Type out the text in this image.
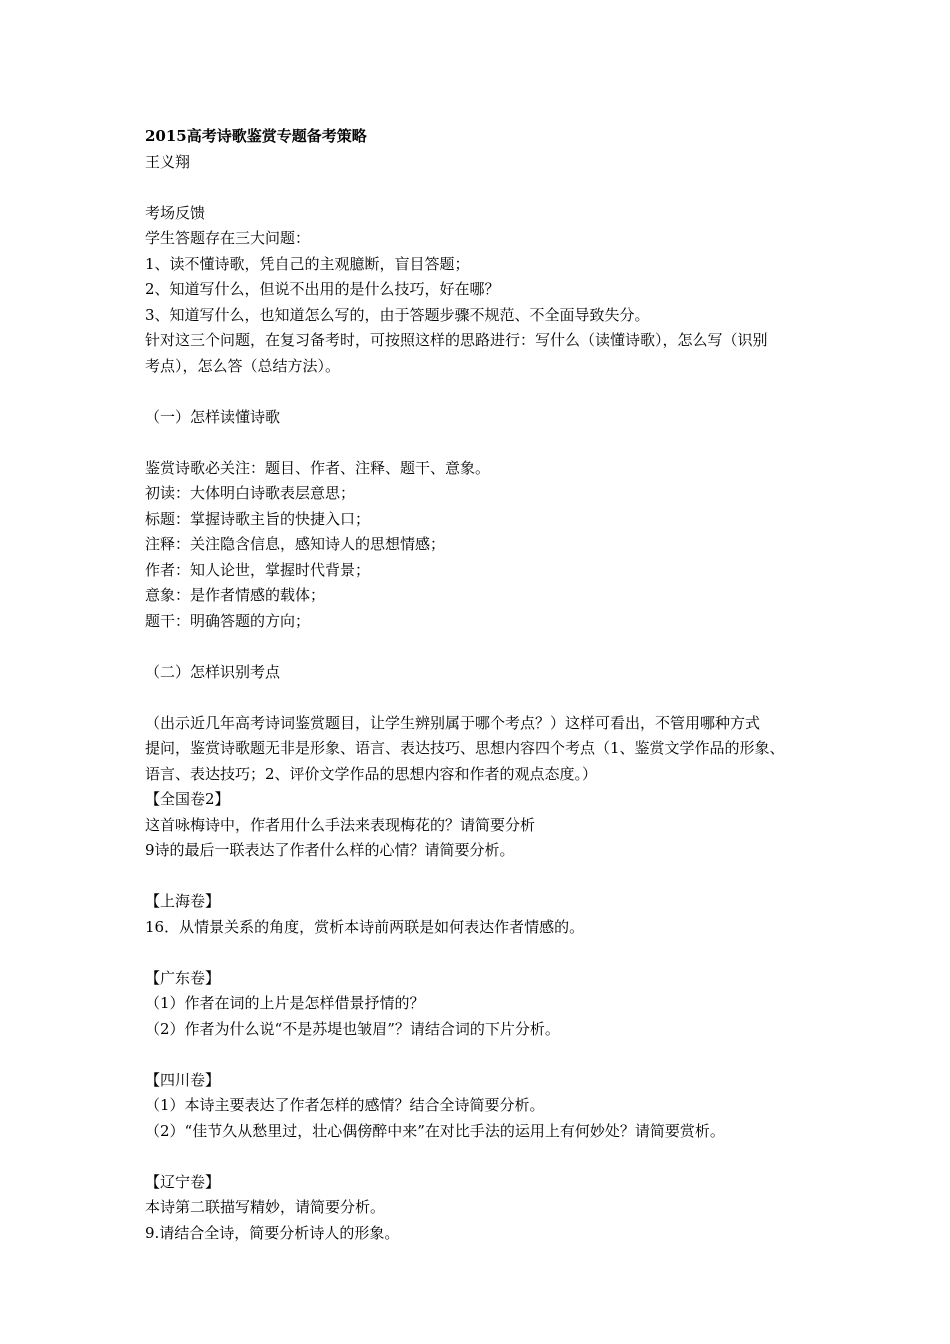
2015高考诗歌鉴赏专题备考策略
王义翔
考场反馈
学生答题存在三大问题：
1、读不懂诗歌，凭自己的主观臆断，盲目答题；
2、知道写什么，但说不出用的是什么技巧，好在哪？
3、知道写什么，也知道怎么写的，由于答题步骤不规范、不全面导致失分。
针对这三个问题，在复习备考时，可按照这样的思路进行：写什么（读懂诗歌），怎么写（识别
考点），怎么答（总结方法）。
（一）怎样读懂诗歌
鉴赏诗歌必关注：题目、作者、注释、题干、意象。
初读：大体明白诗歌表层意思；
标题：掌握诗歌主旨的快捷入口；
注释：关注隐含信息，感知诗人的思想情感；
作者：知人论世，掌握时代背景；
意象：是作者情感的载体；
题干：明确答题的方向；
（二）怎样识别考点
（出示近几年高考诗词鉴赏题目，让学生辨别属于哪个考点？）这样可看出，不管用哪种方式
提问，鉴赏诗歌题无非是形象、语言、表达技巧、思想内容四个考点（1、鉴赏文学作品的形象、
语言、表达技巧；2、评价文学作品的思想内容和作者的观点态度。）
【全国卷2】
这首咏梅诗中，作者用什么手法来表现梅花的？请简要分析
9诗的最后一联表达了作者什么样的心情？请简要分析。
【上海卷】
16．从情景关系的角度，赏析本诗前两联是如何表达作者情感的。
【广东卷】
（1）作者在词的上片是怎样借景抒情的？
（2）作者为什么说“不是苏堤也皱眉”？请结合词的下片分析。
【四川卷】
（1）本诗主要表达了作者怎样的感情？结合全诗简要分析。
（2）“佳节久从愁里过，壮心偶傍醉中来”在对比手法的运用上有何妙处？请简要赏析。
【辽宁卷】
本诗第二联描写精妙，请简要分析。
9.请结合全诗，简要分析诗人的形象。
